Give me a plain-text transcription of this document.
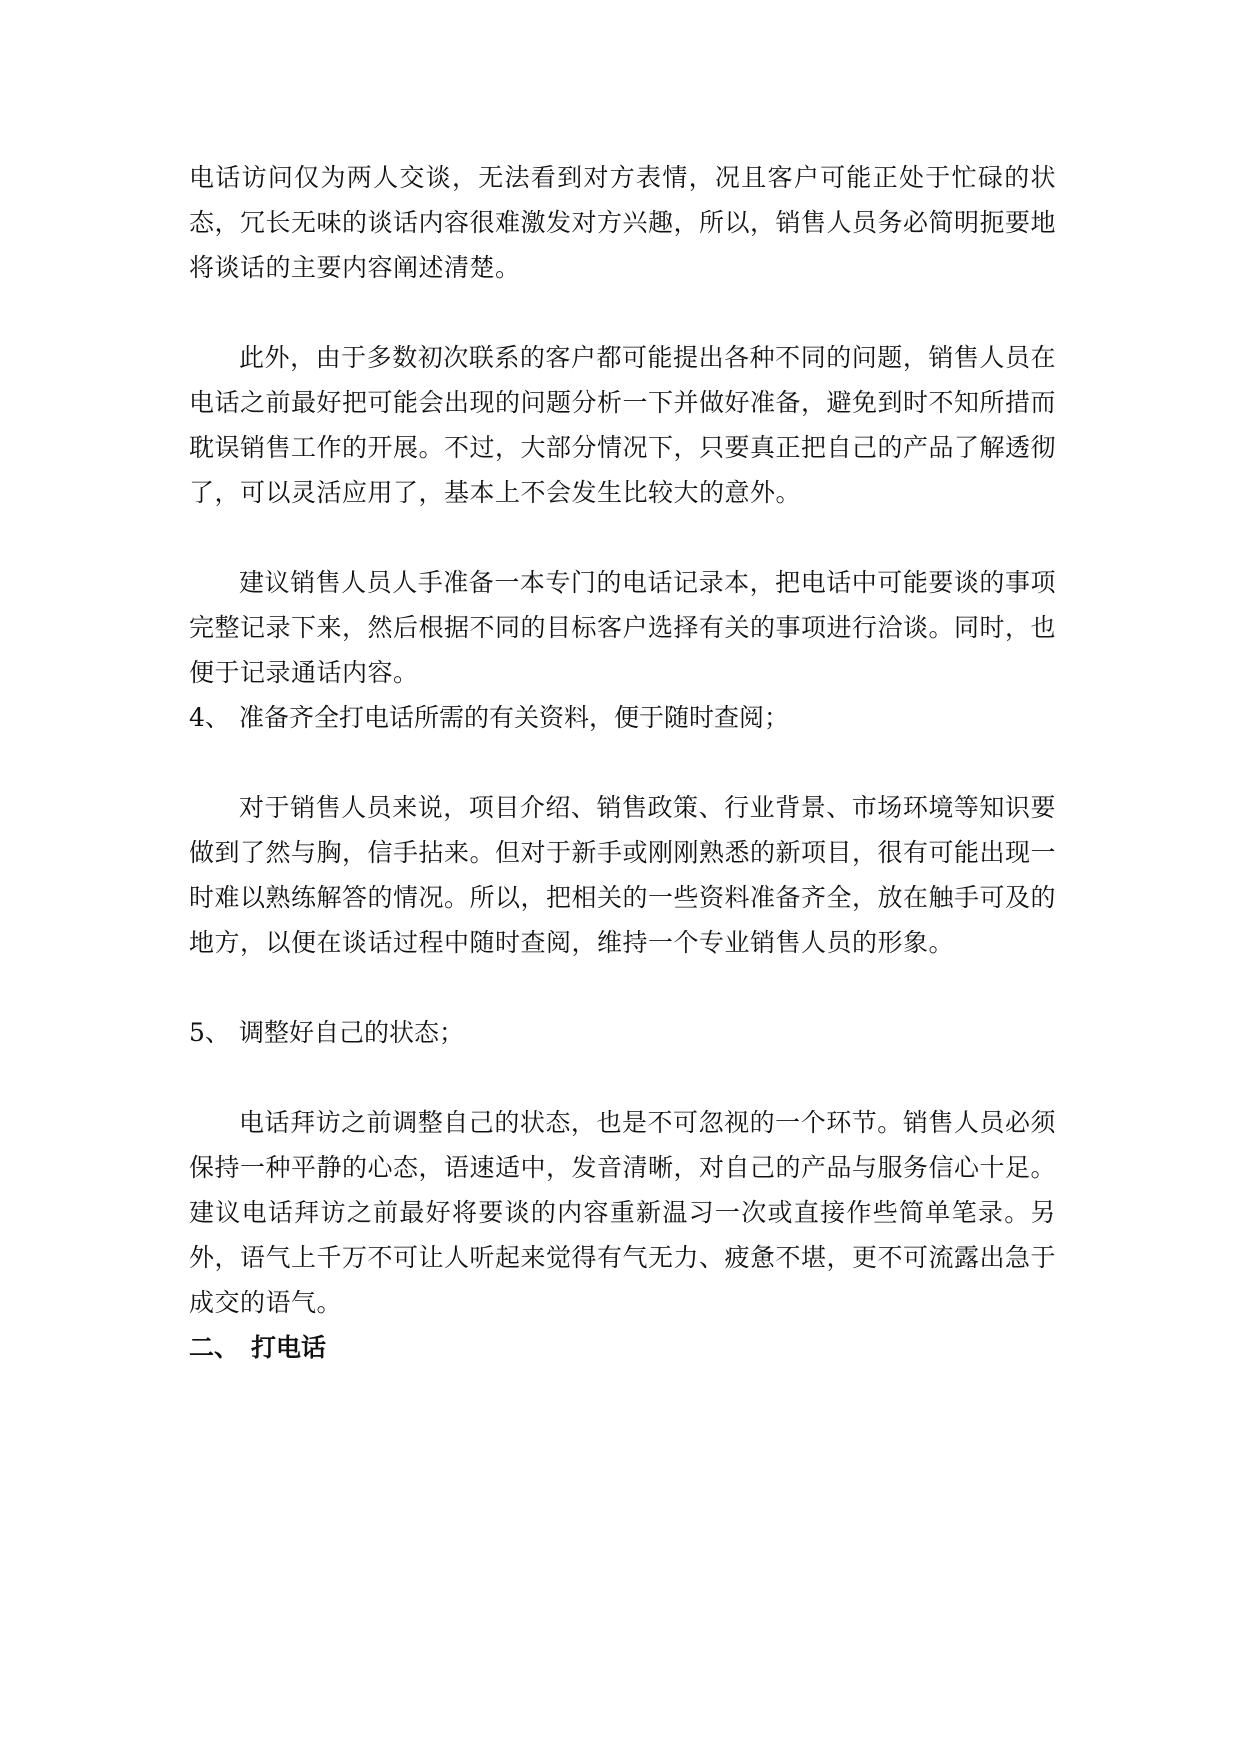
电话访问仅为两人交谈，无法看到对方表情，况且客户可能正处于忙碌的状态，冗长无味的谈话内容很难激发对方兴趣，所以，销售人员务必简明扼要地将谈话的主要内容阐述清楚。

此外，由于多数初次联系的客户都可能提出各种不同的问题，销售人员在电话之前最好把可能会出现的问题分析一下并做好准备，避免到时不知所措而耽误销售工作的开展。不过，大部分情况下，只要真正把自己的产品了解透彻了，可以灵活应用了，基本上不会发生比较大的意外。

建议销售人员人手准备一本专门的电话记录本，把电话中可能要谈的事项完整记录下来，然后根据不同的目标客户选择有关的事项进行洽谈。同时，也便于记录通话内容。

4、 准备齐全打电话所需的有关资料，便于随时查阅；

对于销售人员来说，项目介绍、销售政策、行业背景、市场环境等知识要做到了然与胸，信手拈来。但对于新手或刚刚熟悉的新项目，很有可能出现一时难以熟练解答的情况。所以，把相关的一些资料准备齐全，放在触手可及的地方，以便在谈话过程中随时查阅，维持一个专业销售人员的形象。

5、 调整好自己的状态；

电话拜访之前调整自己的状态，也是不可忽视的一个环节。销售人员必须保持一种平静的心态，语速适中，发音清晰，对自己的产品与服务信心十足。建议电话拜访之前最好将要谈的内容重新温习一次或直接作些简单笔录。另外，语气上千万不可让人听起来觉得有气无力、疲惫不堪，更不可流露出急于成交的语气。

二、 打电话
